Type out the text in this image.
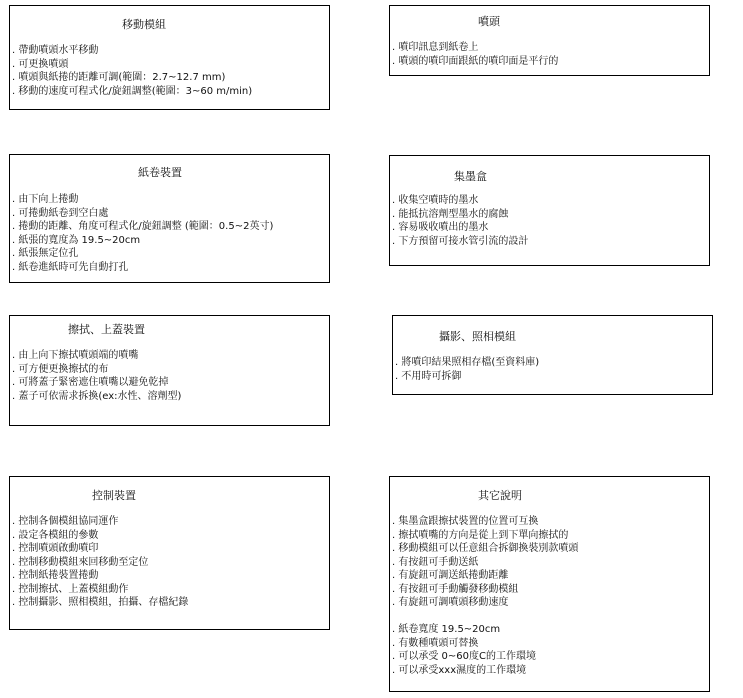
移動模組
. 帶動噴頭水平移動
. 可更換噴頭
. 噴頭與紙捲的距離可調(範圍：2.7~12.7 mm)
. 移動的速度可程式化/旋鈕調整(範圍：3~60 m/min)
噴頭
. 噴印訊息到紙卷上
. 噴頭的噴印面跟紙的噴印面是平行的
紙卷裝置
. 由下向上捲動
. 可捲動紙卷到空白處
. 捲動的距離、角度可程式化/旋鈕調整 (範圍：0.5~2英寸)
. 紙張的寬度為 19.5~20cm
. 紙張無定位孔
. 紙卷進紙時可先自動打孔
集墨盒
. 收集空噴時的墨水
. 能抵抗溶劑型墨水的腐蝕
. 容易吸收噴出的墨水
. 下方預留可接水管引流的設計
擦拭、上蓋裝置
. 由上向下擦拭噴頭端的噴嘴
. 可方便更換擦拭的布
. 可將蓋子緊密遮住噴嘴以避免乾掉
. 蓋子可依需求拆換(ex:水性、溶劑型)
攝影、照相模組
. 將噴印結果照相存檔(至資料庫)
. 不用時可拆御
控制裝置
. 控制各個模組協同運作
. 設定各模組的參數
. 控制噴頭啟動噴印
. 控制移動模組來回移動至定位
. 控制紙捲裝置捲動
. 控制擦拭、上蓋模組動作
. 控制攝影、照相模組，拍攝、存檔紀錄
其它說明
. 集墨盒跟擦拭裝置的位置可互換
. 擦拭噴嘴的方向是從上到下單向擦拭的
. 移動模組可以任意組合拆御換裝別款噴頭
. 有按鈕可手動送紙
. 有旋鈕可調送紙捲動距離
. 有按鈕可手動觸發移動模組
. 有旋鈕可調噴頭移動速度
. 紙卷寬度 19.5~20cm
. 有數種噴頭可替換
. 可以承受 0~60度C的工作環境
. 可以承受xxx濕度的工作環境
